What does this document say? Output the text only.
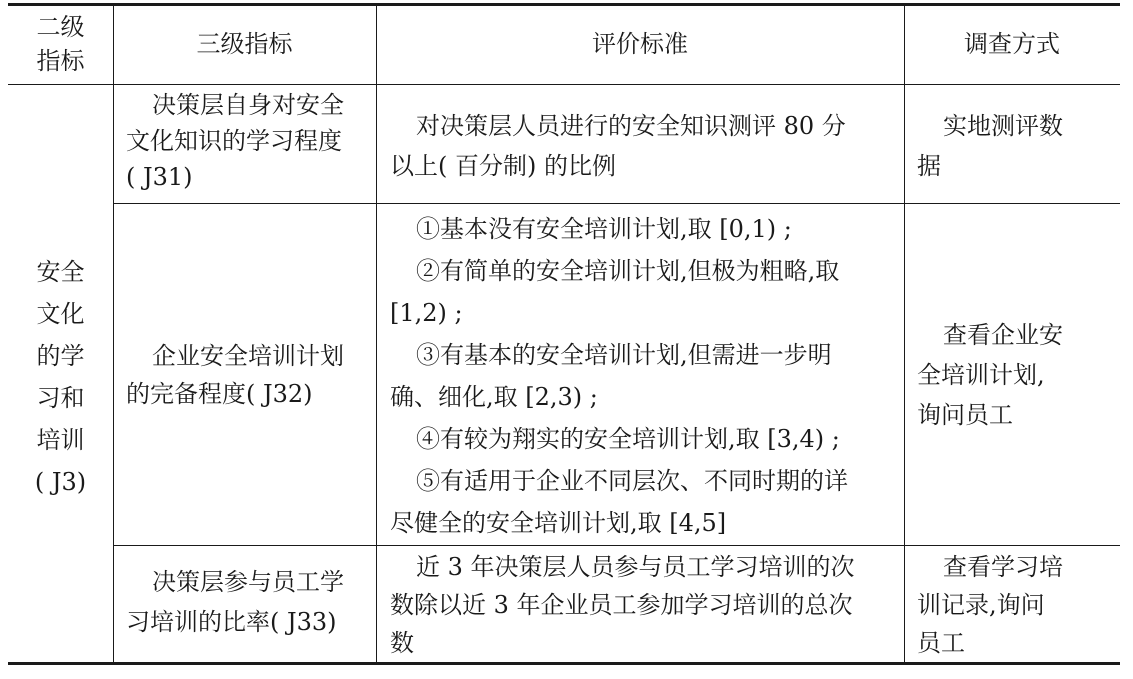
二级
指标
三级指标	评价标准	调查方式
安全
文化
的学
习和
培训
( J3)
决策层自身对安全
文化知识的学习程度
( J31)
对决策层人员进行的安全知识测评 80 分
以上( 百分制) 的比例
实地测评数
据
企业安全培训计划
的完备程度( J32)
①基本没有安全培训计划,取 [0,1) ;
②有简单的安全培训计划,但极为粗略,取
[1,2) ;
③有基本的安全培训计划,但需进一步明
确、细化,取 [2,3) ;
④有较为翔实的安全培训计划,取 [3,4) ;
⑤有适用于企业不同层次、不同时期的详
尽健全的安全培训计划,取 [4,5]
查看企业安
全培训计划,
询问员工
决策层参与员工学
习培训的比率( J33)
近 3 年决策层人员参与员工学习培训的次
数除以近 3 年企业员工参加学习培训的总次
数
查看学习培
训记录,询问
员工
